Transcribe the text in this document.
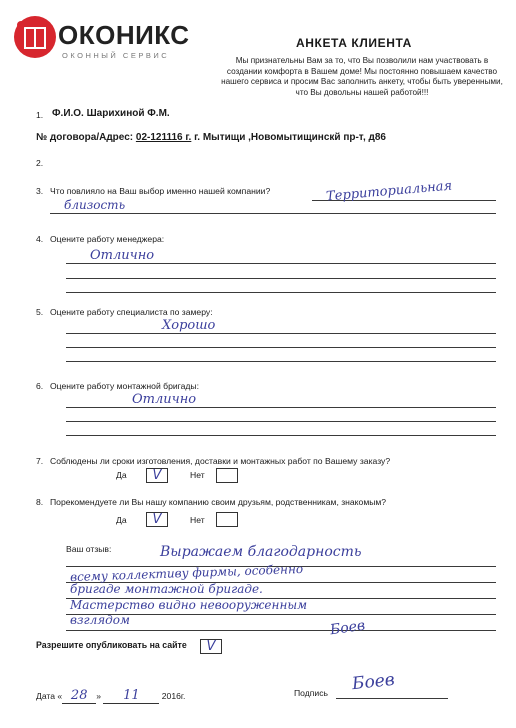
ОКОНИКС
ОКОННЫЙ СЕРВИС
АНКЕТА КЛИЕНТА
Мы признательны Вам за то, что Вы позволили нам участвовать в создании комфорта в Вашем доме! Мы постоянно повышаем качество нашего сервиса и просим Вас заполнить анкету, чтобы быть уверенными, что Вы довольны нашей работой!!!
1. Ф.И.О. Шарихиной Ф.М.
№ договора/Адрес: 02-121116 г. г. Мытищи ,Новомытищинскй пр-т, д86
2.
3. Что повлияло на Ваш выбор именно нашей компании?	Территориальная
близость
4. Оцените работу менеджера:
Отлично
5. Оцените работу специалиста по замеру:
Хорошо
6. Оцените работу монтажной бригады:
Отлично
7. Соблюдены ли сроки изготовления, доставки и монтажных работ по Вашему заказу?
Да	V	Нет
8. Порекомендуете ли Вы нашу компанию своим друзьям, родственникам, знакомым?
Да	V	Нет
Ваш отзыв:	Выражаем благодарность
всему коллективу фирмы, особенно
бригаде монтажной бригаде.
Мастерство видно невооруженным
взглядом	Боев
Разрешите опубликовать на сайте	V
Дата « 28 » 11	2016г.	Подпись Боев
